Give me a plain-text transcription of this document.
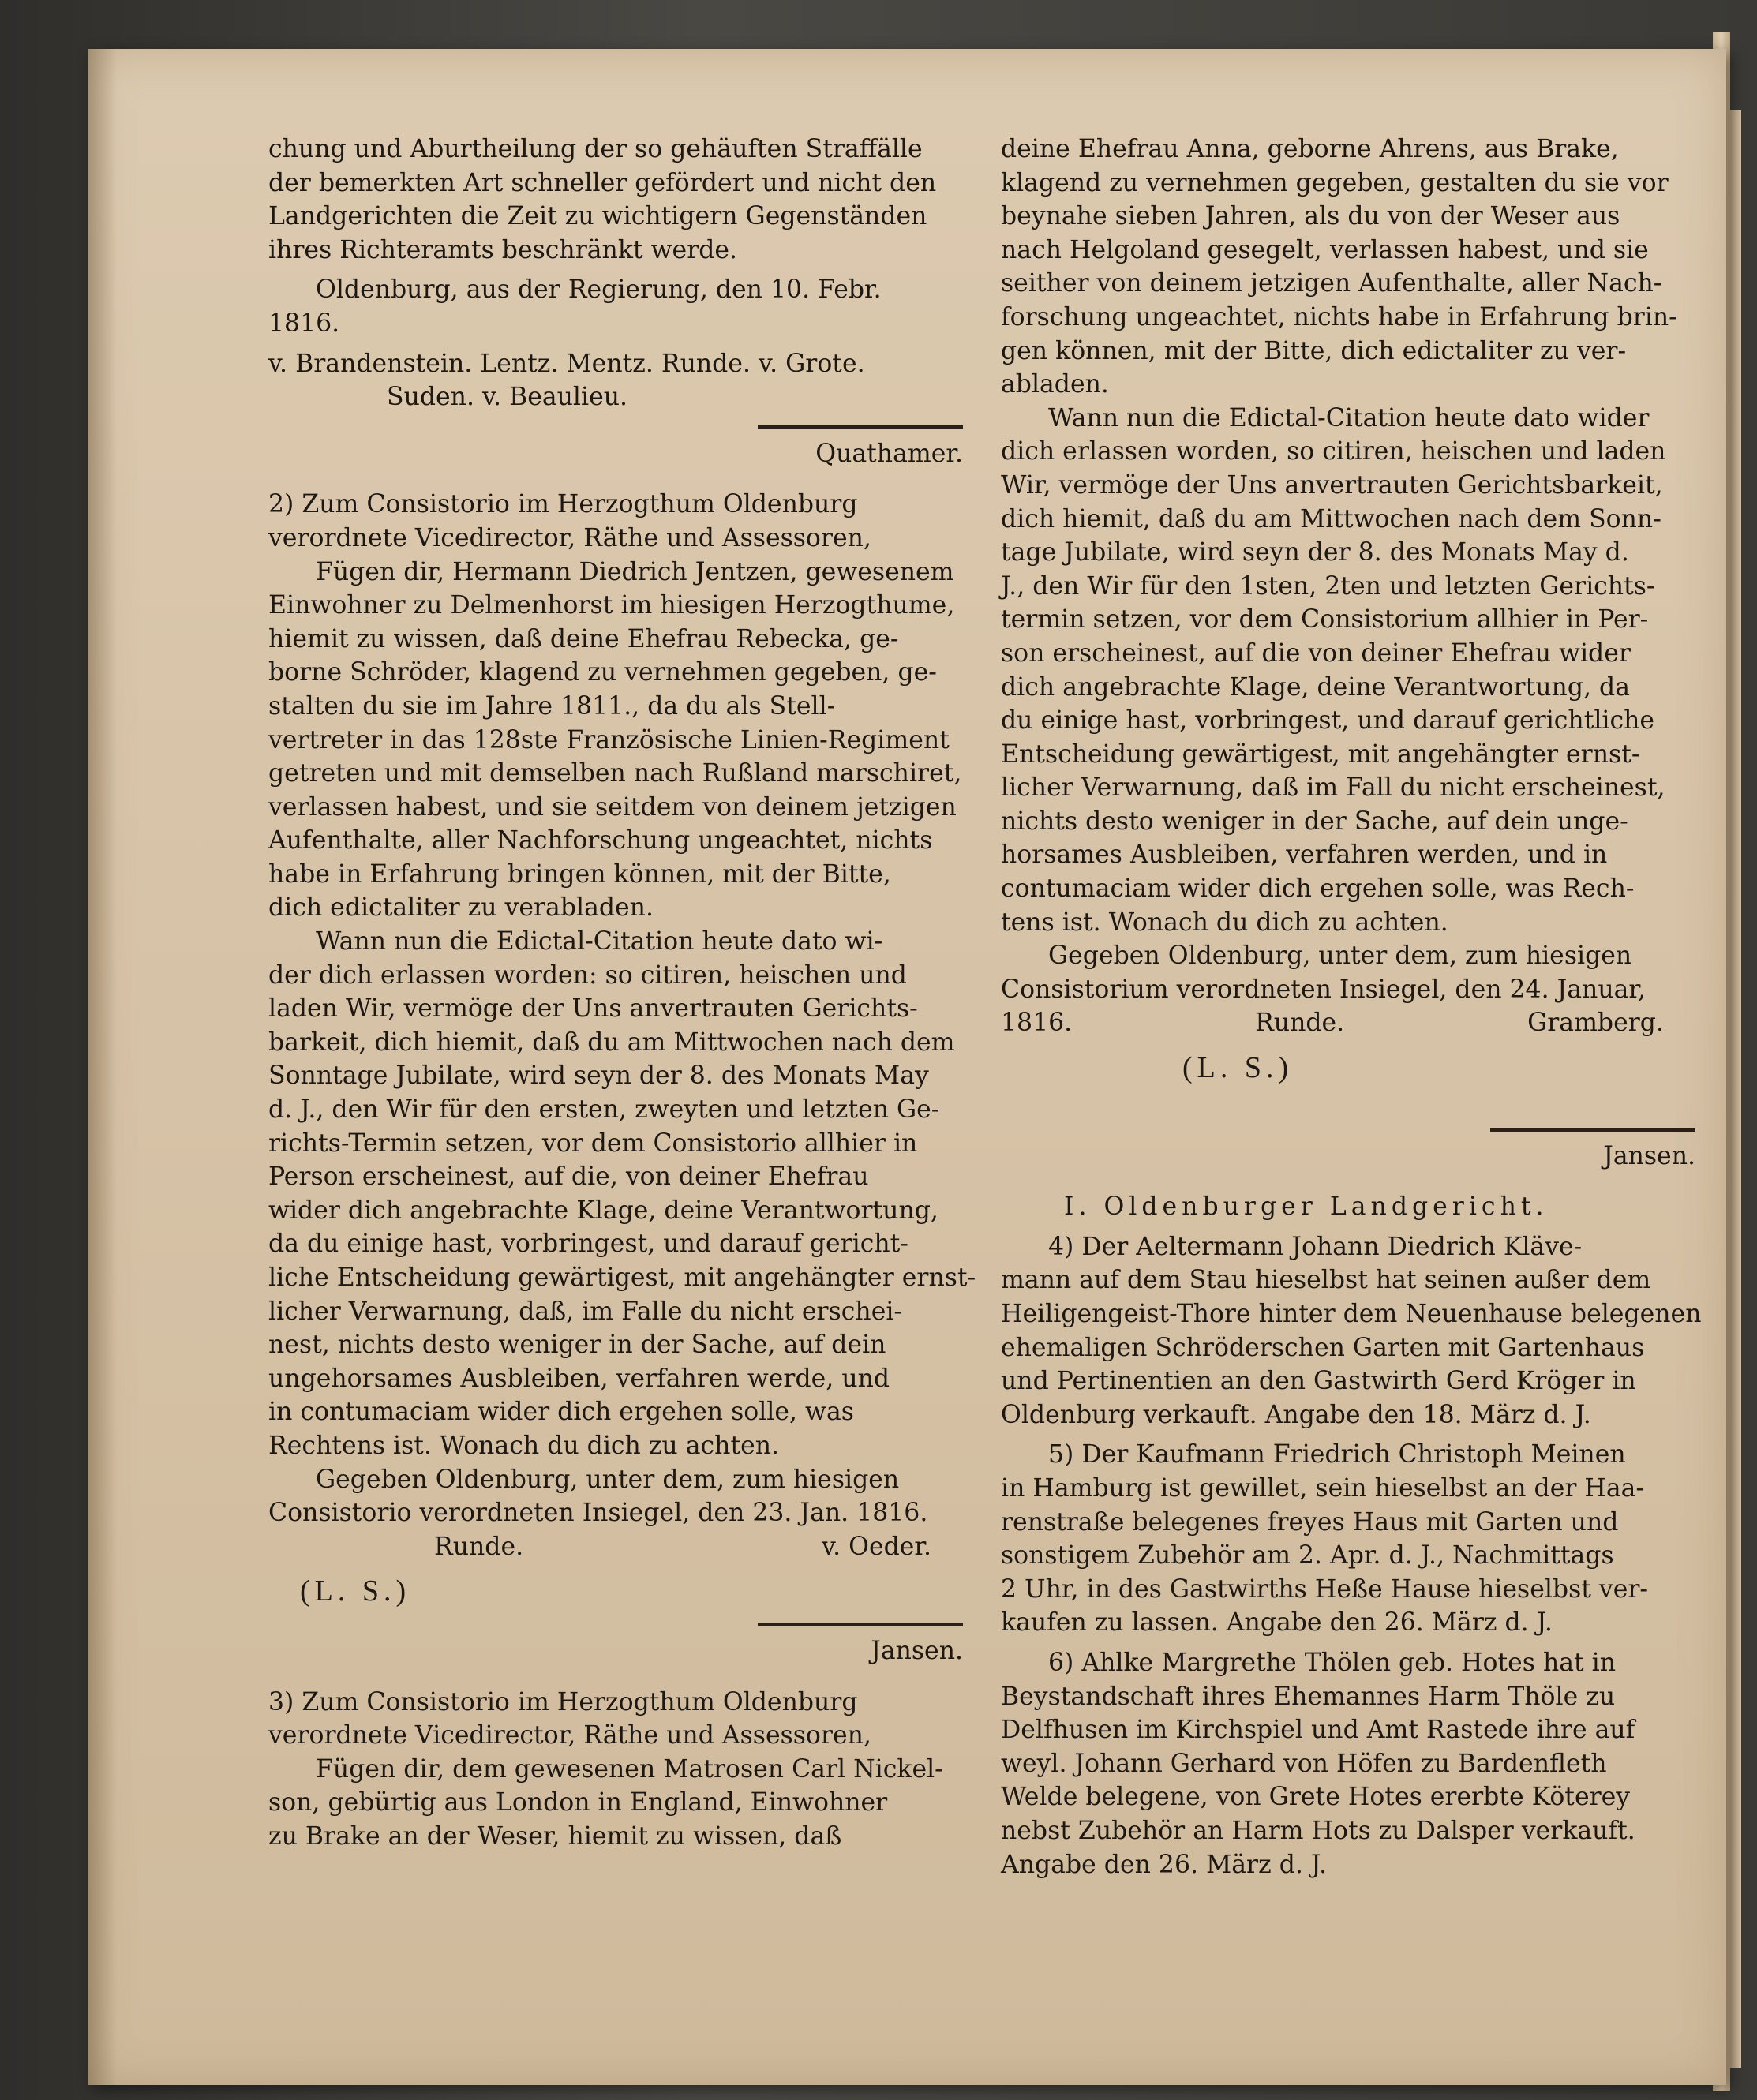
chung und Aburtheilung der so gehäuften Straffälle
der bemerkten Art schneller gefördert und nicht den
Landgerichten die Zeit zu wichtigern Gegenständen
ihres Richteramts beschränkt werde.
Oldenburg, aus der Regierung, den 10. Febr.
1816.
v. Brandenstein. Lentz. Mentz. Runde. v. Grote.
Suden. v. Beaulieu.
Quathamer.
2) Zum Consistorio im Herzogthum Oldenburg
verordnete Vicedirector, Räthe und Assessoren,
Fügen dir, Hermann Diedrich Jentzen, gewesenem
Einwohner zu Delmenhorst im hiesigen Herzogthume,
hiemit zu wissen, daß deine Ehefrau Rebecka, ge-
borne Schröder, klagend zu vernehmen gegeben, ge-
stalten du sie im Jahre 1811., da du als Stell-
vertreter in das 128ste Französische Linien-Regiment
getreten und mit demselben nach Rußland marschiret,
verlassen habest, und sie seitdem von deinem jetzigen
Aufenthalte, aller Nachforschung ungeachtet, nichts
habe in Erfahrung bringen können, mit der Bitte,
dich edictaliter zu verabladen.
Wann nun die Edictal-Citation heute dato wi-
der dich erlassen worden: so citiren, heischen und
laden Wir, vermöge der Uns anvertrauten Gerichts-
barkeit, dich hiemit, daß du am Mittwochen nach dem
Sonntage Jubilate, wird seyn der 8. des Monats May
d. J., den Wir für den ersten, zweyten und letzten Ge-
richts-Termin setzen, vor dem Consistorio allhier in
Person erscheinest, auf die, von deiner Ehefrau
wider dich angebrachte Klage, deine Verantwortung,
da du einige hast, vorbringest, und darauf gericht-
liche Entscheidung gewärtigest, mit angehängter ernst-
licher Verwarnung, daß, im Falle du nicht erschei-
nest, nichts desto weniger in der Sache, auf dein
ungehorsames Ausbleiben, verfahren werde, und
in contumaciam wider dich ergehen solle, was
Rechtens ist. Wonach du dich zu achten.
Gegeben Oldenburg, unter dem, zum hiesigen
Consistorio verordneten Insiegel, den 23. Jan. 1816.
Runde.	v. Oeder.
(L. S.)
Jansen.
3) Zum Consistorio im Herzogthum Oldenburg
verordnete Vicedirector, Räthe und Assessoren,
Fügen dir, dem gewesenen Matrosen Carl Nickel-
son, gebürtig aus London in England, Einwohner
zu Brake an der Weser, hiemit zu wissen, daß
deine Ehefrau Anna, geborne Ahrens, aus Brake,
klagend zu vernehmen gegeben, gestalten du sie vor
beynahe sieben Jahren, als du von der Weser aus
nach Helgoland gesegelt, verlassen habest, und sie
seither von deinem jetzigen Aufenthalte, aller Nach-
forschung ungeachtet, nichts habe in Erfahrung brin-
gen können, mit der Bitte, dich edictaliter zu ver-
abladen.
Wann nun die Edictal-Citation heute dato wider
dich erlassen worden, so citiren, heischen und laden
Wir, vermöge der Uns anvertrauten Gerichtsbarkeit,
dich hiemit, daß du am Mittwochen nach dem Sonn-
tage Jubilate, wird seyn der 8. des Monats May d.
J., den Wir für den 1sten, 2ten und letzten Gerichts-
termin setzen, vor dem Consistorium allhier in Per-
son erscheinest, auf die von deiner Ehefrau wider
dich angebrachte Klage, deine Verantwortung, da
du einige hast, vorbringest, und darauf gerichtliche
Entscheidung gewärtigest, mit angehängter ernst-
licher Verwarnung, daß im Fall du nicht erscheinest,
nichts desto weniger in der Sache, auf dein unge-
horsames Ausbleiben, verfahren werden, und in
contumaciam wider dich ergehen solle, was Rech-
tens ist. Wonach du dich zu achten.
Gegeben Oldenburg, unter dem, zum hiesigen
Consistorium verordneten Insiegel, den 24. Januar,
1816.	Runde.	Gramberg.
(L. S.)
Jansen.
I. Oldenburger Landgericht.
4) Der Aeltermann Johann Diedrich Kläve-
mann auf dem Stau hieselbst hat seinen außer dem
Heiligengeist-Thore hinter dem Neuenhause belegenen
ehemaligen Schröderschen Garten mit Gartenhaus
und Pertinentien an den Gastwirth Gerd Kröger in
Oldenburg verkauft. Angabe den 18. März d. J.
5) Der Kaufmann Friedrich Christoph Meinen
in Hamburg ist gewillet, sein hieselbst an der Haa-
renstraße belegenes freyes Haus mit Garten und
sonstigem Zubehör am 2. Apr. d. J., Nachmittags
2 Uhr, in des Gastwirths Heße Hause hieselbst ver-
kaufen zu lassen. Angabe den 26. März d. J.
6) Ahlke Margrethe Thölen geb. Hotes hat in
Beystandschaft ihres Ehemannes Harm Thöle zu
Delfhusen im Kirchspiel und Amt Rastede ihre auf
weyl. Johann Gerhard von Höfen zu Bardenfleth
Welde belegene, von Grete Hotes ererbte Köterey
nebst Zubehör an Harm Hots zu Dalsper verkauft.
Angabe den 26. März d. J.
